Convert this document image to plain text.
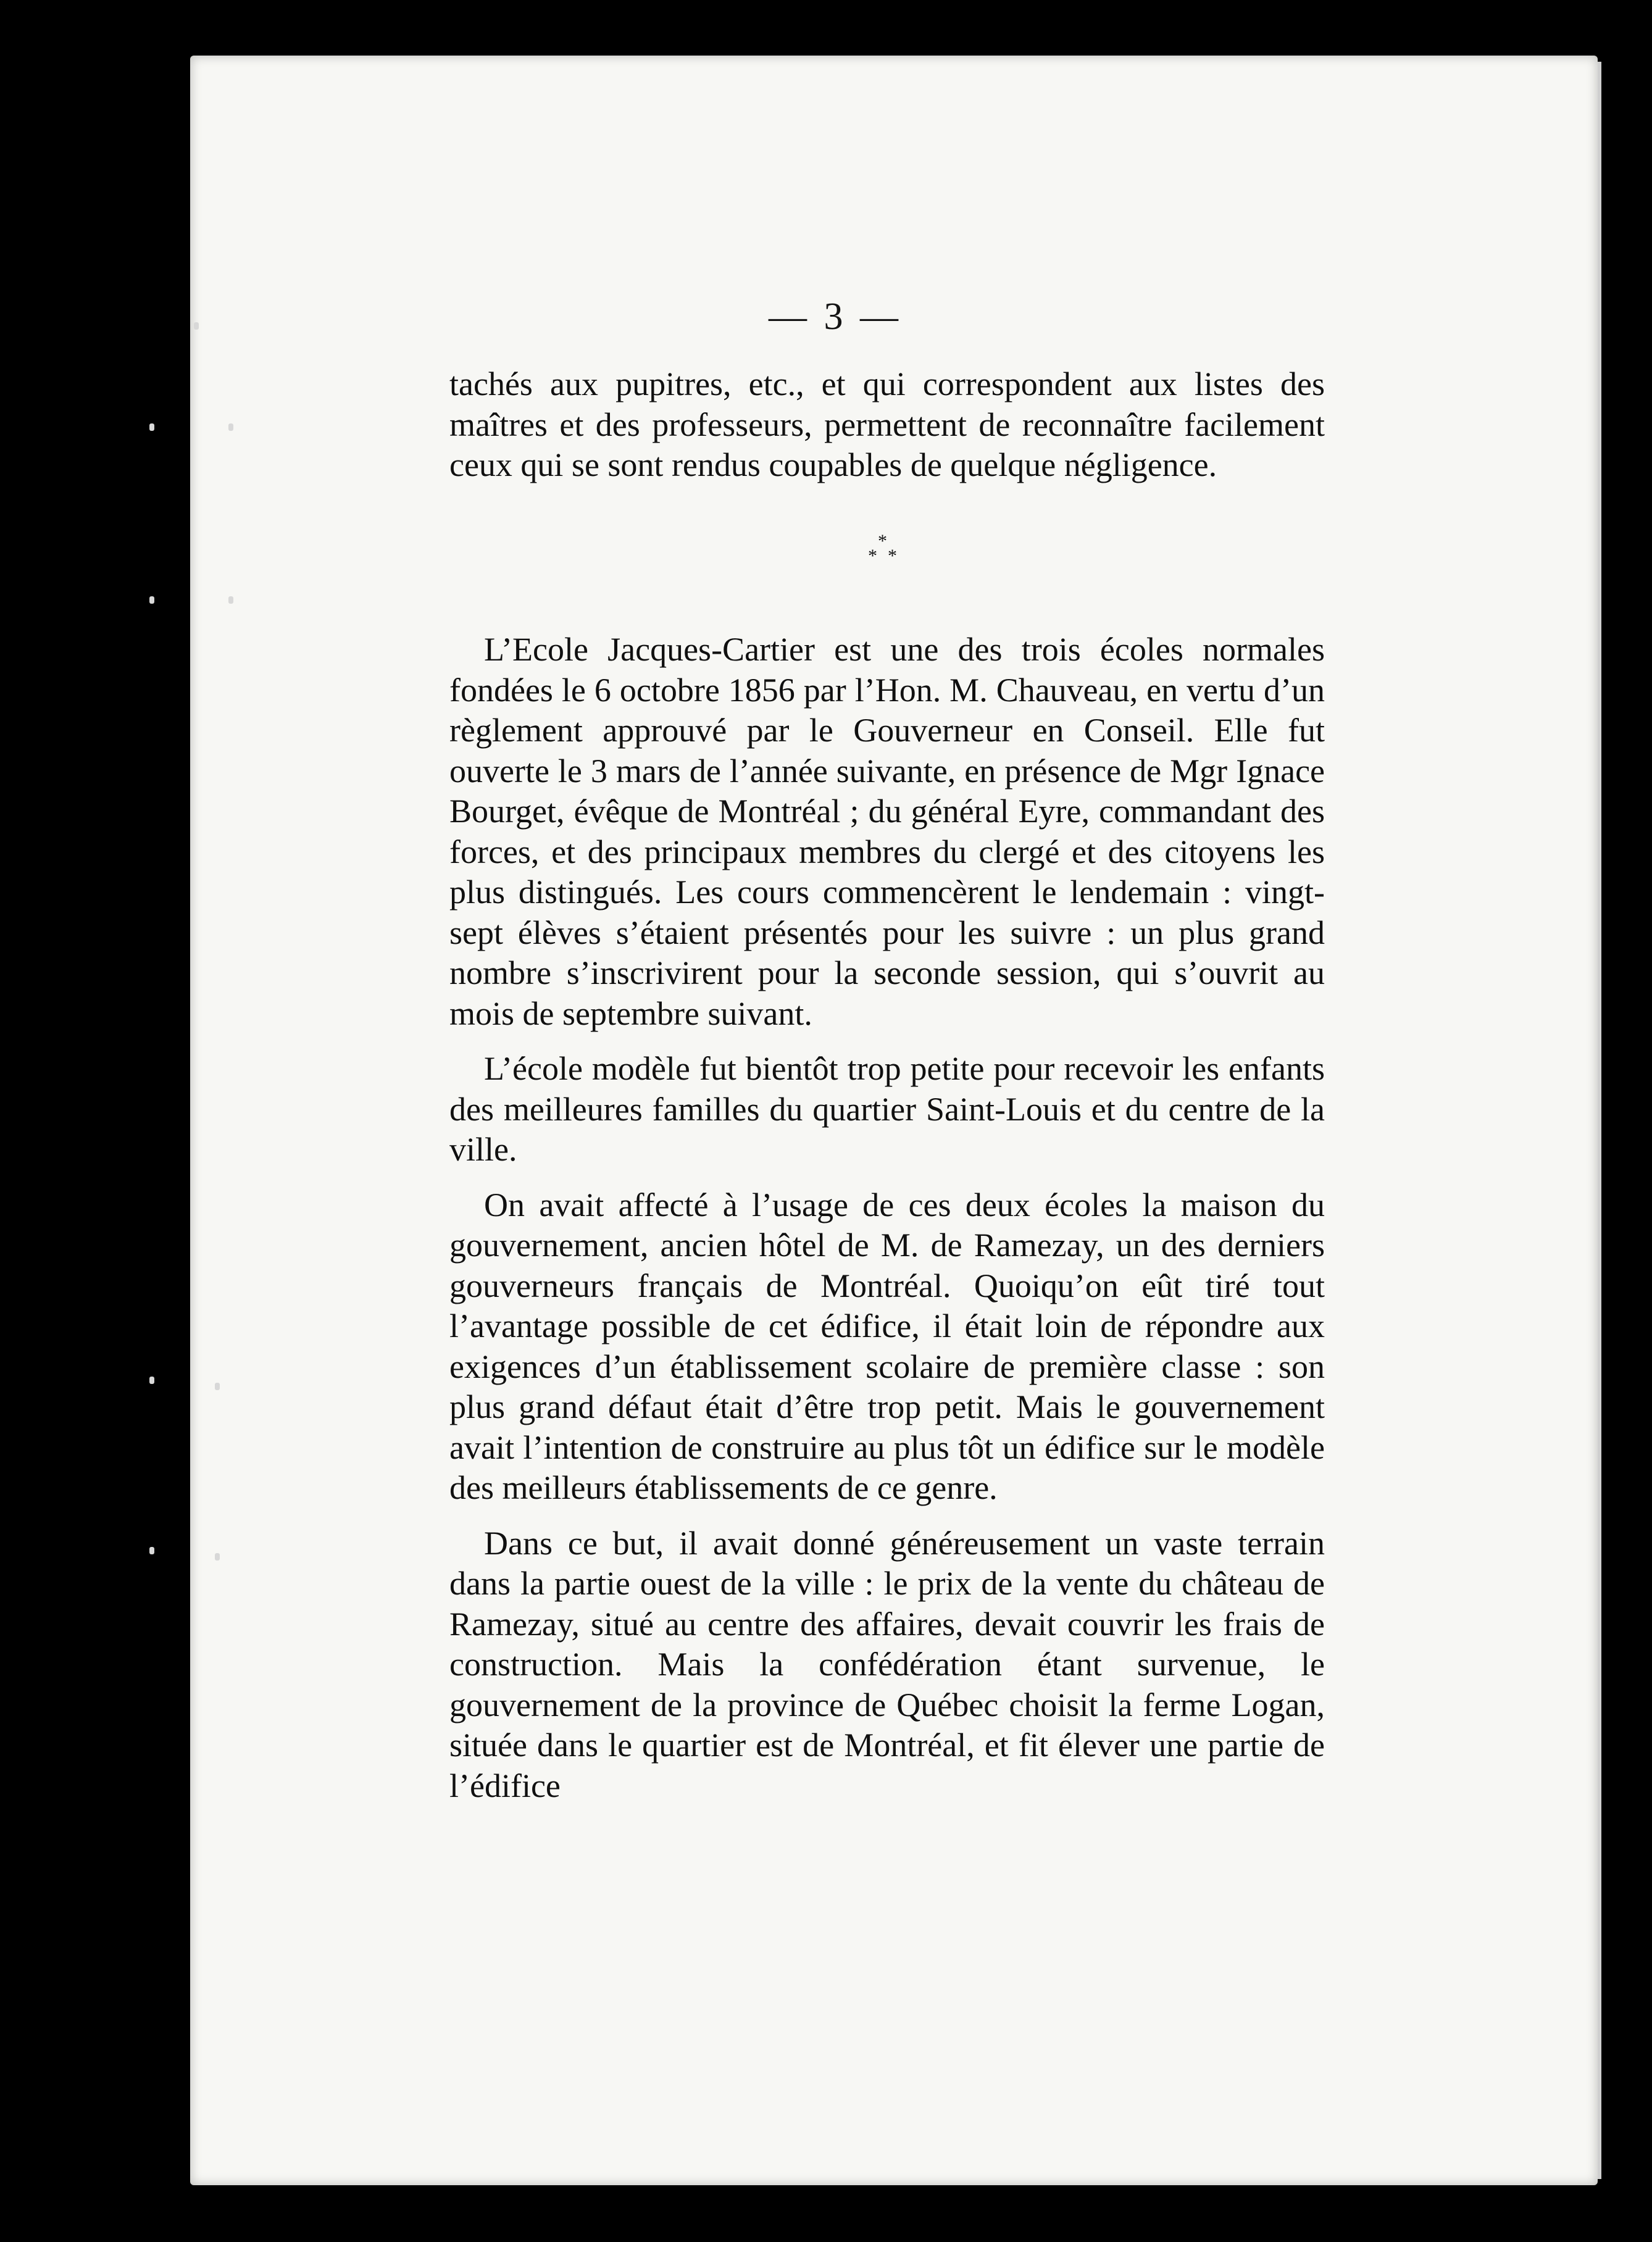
— 3 —

tachés aux pupitres, etc., et qui correspondent aux listes des maîtres et des professeurs, permettent de reconnaître facilement ceux qui se sont rendus coupables de quelque négligence.

*
* *

L’Ecole Jacques-Cartier est une des trois écoles normales fondées le 6 octobre 1856 par l’Hon. M. Chauveau, en vertu d’un règlement approuvé par le Gouverneur en Conseil. Elle fut ouverte le 3 mars de l’année suivante, en présence de Mgr Ignace Bourget, évêque de Montréal ; du général Eyre, commandant des forces, et des principaux membres du clergé et des citoyens les plus distingués. Les cours commencèrent le lendemain : vingt-sept élèves s’étaient présentés pour les suivre : un plus grand nombre s’inscrivirent pour la seconde session, qui s’ouvrit au mois de septembre suivant.

L’école modèle fut bientôt trop petite pour recevoir les enfants des meilleures familles du quartier Saint-Louis et du centre de la ville.

On avait affecté à l’usage de ces deux écoles la maison du gouvernement, ancien hôtel de M. de Ramezay, un des derniers gouverneurs français de Montréal. Quoiqu’on eût tiré tout l’avantage possible de cet édifice, il était loin de répondre aux exigences d’un établissement scolaire de première classe : son plus grand défaut était d’être trop petit. Mais le gouvernement avait l’intention de construire au plus tôt un édifice sur le modèle des meilleurs établissements de ce genre.

Dans ce but, il avait donné généreusement un vaste terrain dans la partie ouest de la ville : le prix de la vente du château de Ramezay, situé au centre des affaires, devait couvrir les frais de construction. Mais la confédération étant survenue, le gouvernement de la province de Québec choisit la ferme Logan, située dans le quartier est de Montréal, et fit élever une partie de l’édifice
